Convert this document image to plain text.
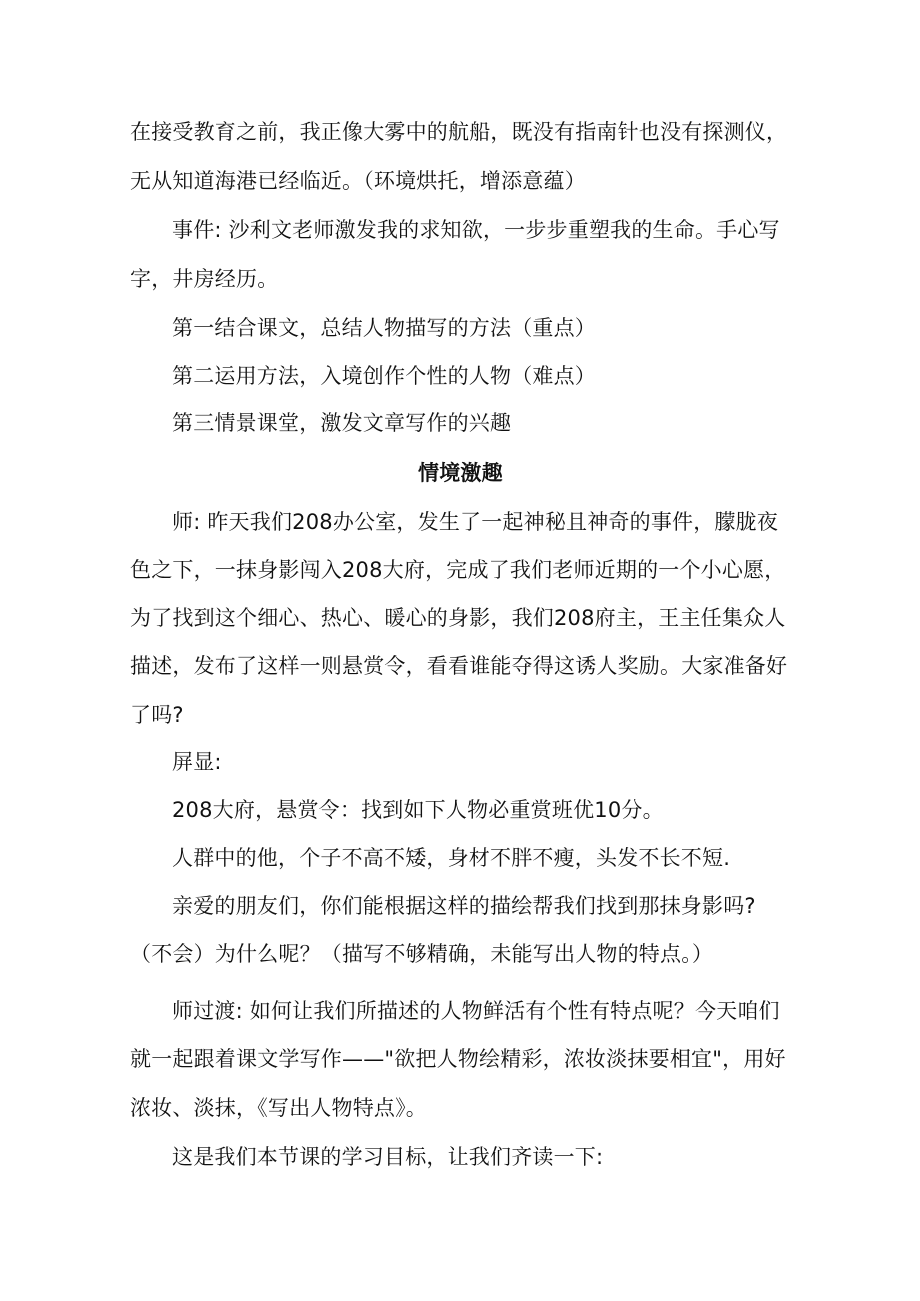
在接受教育之前，我正像大雾中的航船，既没有指南针也没有探测仪，

无从知道海港已经临近。（环境烘托，增添意蕴）

事件: 沙利文老师激发我的求知欲，一步步重塑我的生命。手心写

字，井房经历。

第一结合课文，总结人物描写的方法（重点）

第二运用方法，入境创作个性的人物（难点）

第三情景课堂，激发文章写作的兴趣

情境激趣

师: 昨天我们208办公室，发生了一起神秘且神奇的事件，朦胧夜

色之下，一抹身影闯入208大府，完成了我们老师近期的一个小心愿，

为了找到这个细心、热心、暖心的身影，我们208府主，王主任集众人

描述，发布了这样一则悬赏令，看看谁能夺得这诱人奖励。大家准备好

了吗?

屏显:

208大府，悬赏令：找到如下人物必重赏班优10分。

人群中的他，个子不高不矮，身材不胖不瘦，头发不长不短.

亲爱的朋友们，你们能根据这样的描绘帮我们找到那抹身影吗?

（不会）为什么呢？（描写不够精确，未能写出人物的特点。）

师过渡: 如何让我们所描述的人物鲜活有个性有特点呢？今天咱们

就一起跟着课文学写作——"欲把人物绘精彩，浓妆淡抹要相宜"，用好

浓妆、淡抹，《写出人物特点》。

这是我们本节课的学习目标，让我们齐读一下:
